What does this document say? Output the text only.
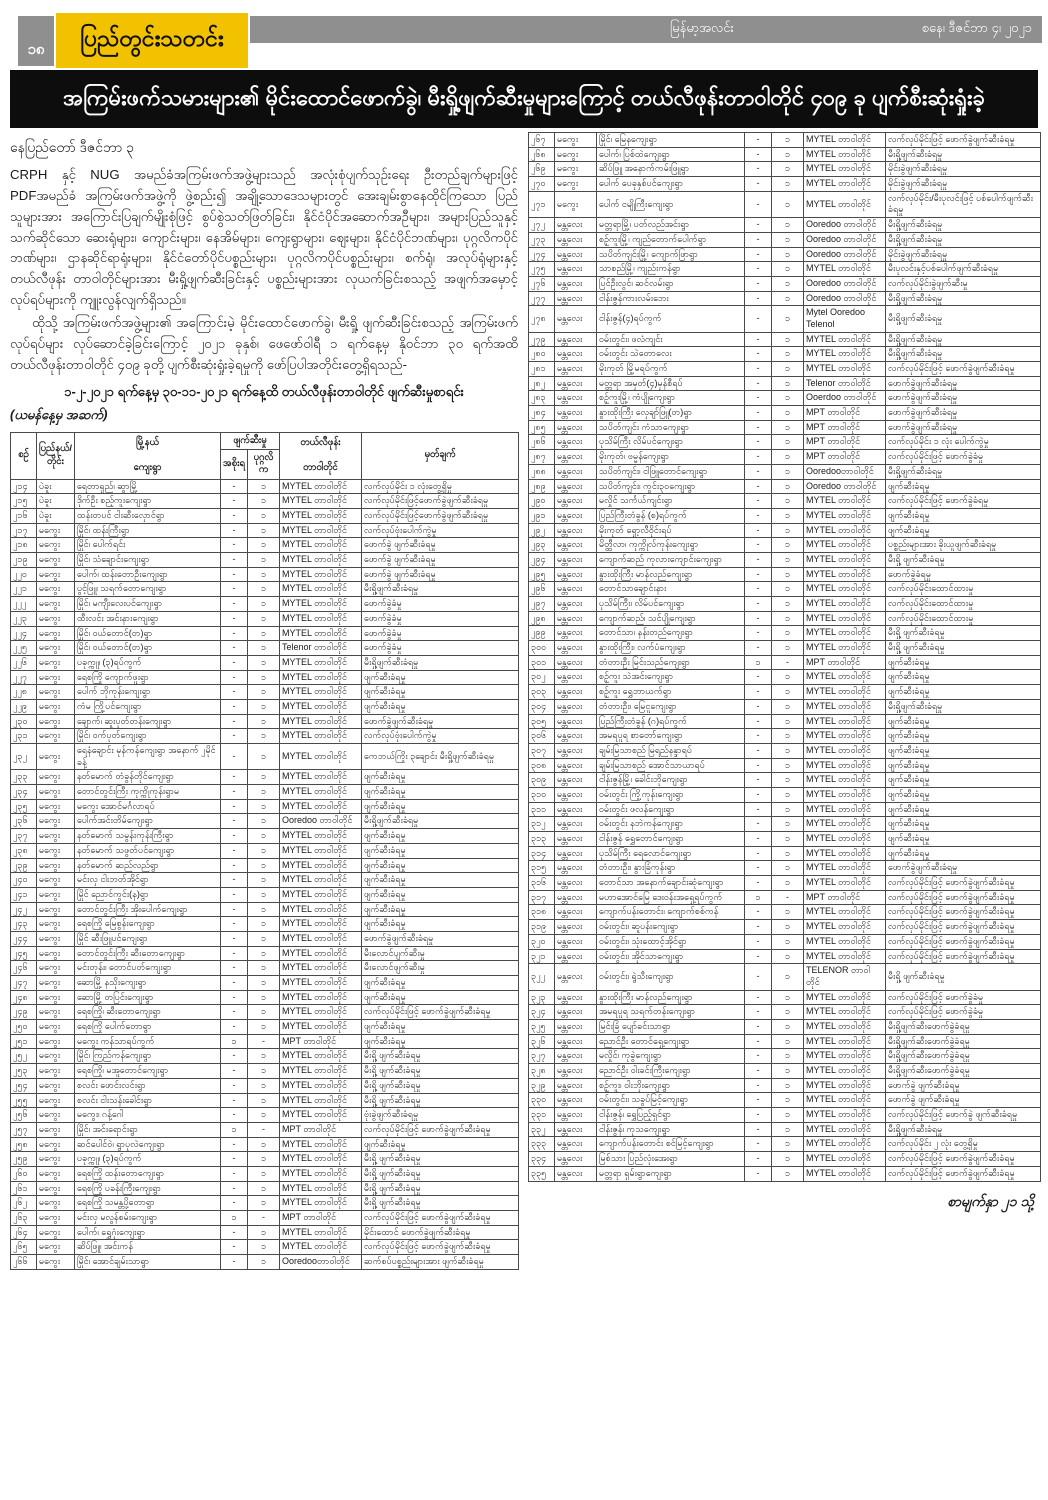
၁၈ ပြည်တွင်းသတင်း	မြန်မာ့အလင်း	စနေ၊ ဒီဇင်ဘာ ၄၊ ၂၀၂၁
အကြမ်းဖက်သမားများ၏ မိုင်းထောင်ဖောက်ခွဲ၊ မီးရှို့ဖျက်ဆီးမှုများကြောင့် တယ်လီဖုန်းတာဝါတိုင် ၄၀၉ ခု ပျက်စီးဆုံးရှုံးခဲ့

နေပြည်တော် ဒီဇင်ဘာ ၃

CRPH နှင့် NUG အမည်ခံအကြမ်းဖက်အဖွဲ့များသည် အလုံးစုံပျက်သုဉ်းရေး ဦးတည်ချက်များဖြင့် PDFအမည်ခံ အကြမ်းဖက်အဖွဲ့ကို ဖွဲ့စည်း၍ အချို့သောဒေသများတွင် အေးချမ်းစွာနေထိုင်ကြသော ပြည်သူများအား အကြောင်းပြချက်မျိုးစုံဖြင့် စွပ်စွဲသတ်ဖြတ်ခြင်း၊ နိုင်ငံပိုင်အဆောက်အဦများ၊ အများပြည်သူနှင့် သက်ဆိုင်သော ဆေးရုံများ၊ ကျောင်းများ၊ နေအိမ်များ၊ ကျေးရွာများ၊ စျေးများ၊ နိုင်ငံပိုင်ဘဏ်များ၊ ပုဂ္ဂလိကပိုင်ဘဏ်များ၊ ဌာနဆိုင်ရာရုံးများ၊ နိုင်ငံတော်ပိုင်ပစ္စည်းများ၊ ပုဂ္ဂလိကပိုင်ပစ္စည်းများ၊ စက်ရုံ၊ အလုပ်ရုံများနှင့် တယ်လီဖုန်း တာဝါတိုင်များအား မီးရှို့ဖျက်ဆီးခြင်းနှင့် ပစ္စည်းများအား လုယက်ခြင်းစသည့် အဖျက်အမှောင့်လုပ်ရပ်များကို ကျူးလွန်လျက်ရှိသည်။

ထိုသို့ အကြမ်းဖက်အဖွဲ့များ၏ အကြောင်းမဲ့ မိုင်းထောင်ဖောက်ခွဲ၊ မီးရှို့ ဖျက်ဆီးခြင်းစသည့် အကြမ်းဖက်လုပ်ရပ်များ လုပ်ဆောင်ခဲ့ခြင်းကြောင့် ၂၀၂၁ ခုနှစ်၊ ဖေဖော်ဝါရီ ၁ ရက်နေ့မှ နိုဝင်ဘာ ၃၀ ရက်အထိ တယ်လီဖုန်းတာဝါတိုင် ၄၀၉ ခုတို့ ပျက်စီးဆုံးရှုံးခဲ့ရမှုကို ဖော်ပြပါအတိုင်းတွေ့ရှိရသည်-

၁-၂-၂၀၂၁ ရက်နေ့မှ ၃၀-၁၁-၂၀၂၁ ရက်နေ့ထိ တယ်လီဖုန်းတာဝါတိုင် ဖျက်ဆီးမှုစာရင်း

(ယမန်နေ့မှ အဆက်)

စဉ်	ပြည်နယ်/
တိုင်း	မြို့နယ်

ကျေးရွာ	ဖျက်ဆီးမှု		တယ်လီဖုန်း

တာဝါတိုင်	မှတ်ချက်
			အစိုးရ	ပုဂ္ဂလိက		
၂၁၄	ပဲခူး	ရေတာရှည်၊ ဆွာမြို့	-	၁	MYTEL တာဝါတိုင်	လက်လုပ်မိုင်း ၁ လုံးတွေ့ရှိမှု
၂၁၅	ပဲခူး	ဒိုက်ဦး စည့်ကူးကျေးရွာ	-	၁	MYTEL တာဝါတိုင်	လက်လုပ်မိုင်းဖြင့်ဖောက်ခွဲဖျက်ဆီးခံရမှု
၂၁၆	ပဲခူး	ထန်းတပင် ငါးဆီးလှောင်ရွာ	-	၁	MYTEL တာဝါတိုင်	လက်လုပ်မိုင်းဖြင့်ဖောက်ခွဲဖျက်ဆီးခံရမှု
၂၁၇	မကွေး	မြိုင်၊ ထန်းကြီးရွာ	-	၁	MYTEL တာဝါတိုင်	လက်လုပ်ဗုံးပေါက်ကွဲမှု
၂၁၈	မကွေး	မြိုင်၊ ပေါက်ရင်း	-	၁	MYTEL တာဝါတိုင်	ဖောက်ခွဲ ဖျက်ဆီးခံရမှု
၂၁၉	မကွေး	မြိုင်၊ သံချောင်းကျေးရွာ	-	၁	MYTEL တာဝါတိုင်	ဖောက်ခွဲ ဖျက်ဆီးခံရမှု
၂၂၀	မကွေး	ပေါက်၊ ထန်းတောဦးကျေးရွာ	-	၁	MYTEL တာဝါတိုင်	ဖောက်ခွဲ ဖျက်ဆီးခံရမှု
၂၂၁	မကွေး	ပွင့်ဖြူ၊ သရက်တောကျေးရွာ	-	၁	MYTEL တာဝါတိုင်	မီးရှို့ဖျက်ဆီးခံရမှု
၂၂၂	မကွေး	မြိုင်၊ မကျီးလေးပင်ကျေးရွာ	-	၁	MYTEL တာဝါတိုင်	ဖောက်ခွဲခံမှု
၂၂၃	မကွေး	ထီးလင်း အင်းနားကျေးရွာ	-	၁	MYTEL တာဝါတိုင်	ဖောက်ခွဲခံမှု
၂၂၄	မကွေး	မြိုင်၊ ဝယ်တောင်(တ)ရွာ	-	၁	MYTEL တာဝါတိုင်	ဖောက်ခွဲခံမှု
၂၂၅	မကွေး	မြိုင်၊ ဝယ်တောင်(တ)ရွာ	-	၁	Telenor တာဝါတိုင်	ဖောက်ခွဲခံမှု
၂၂၆	မကွေး	ပခုက္ကူ၊ (၃)ရပ်ကွက်	-	၁	MYTEL တာဝါတိုင်	မီးရှို့ဖျက်ဆီးခံရမှု
၂၂၇	မကွေး	ရေစကြို ကျောက်ဖူးရွာ	-	၁	MYTEL တာဝါတိုင်	ဖျက်ဆီးခံရမှု
၂၂၈	မကွေး	ပေါက် ဘိုကုန်းကျေးရွာ	-	၁	MYTEL တာဝါတိုင်	ဖျက်ဆီးခံရမှု
၂၂၉	မကွေး	ကံမ ကြို့ပင်ကျေးရွာ	-	၁	MYTEL တာဝါတိုင်	ဖျက်ဆီးခံရမှု
၂၃၀	မကွေး	ချောက်၊ ဆူးပုတ်တန်းကျေးရွာ	-	၁	MYTEL တာဝါတိုင်	ဖောက်ခွဲဖျက်ဆီးခံရမှု
၂၃၁	မကွေး	မြိုင်၊ ဝက်ပုတ်ကျေးရွာ	-	၁	MYTEL တာဝါတိုင်	လက်လုပ်ဗုံးပေါက်ကွဲမှု
၂၃၂	မကွေး	ရေနံချောင်း မုန်ကန်ကျေးရွာ အနောက် ၂မိုင်ခန့်	-	၁	MYTEL တာဝါတိုင်	ကေဘယ်ကြိုး ၃ချောင်း မီးရှို့ဖျက်ဆီးခံရမှု
၂၃၃	မကွေး	နတ်မောက် တံခွန်တိုင်ကျေးရွာ	-	၁	MYTEL တာဝါတိုင်	ဖျက်ဆီးခံရမှု
၂၃၄	မကွေး	တောင်တွင်းကြီး ကုက္ကိုကုန်းရွာမ	-	၁	MYTEL တာဝါတိုင်	ဖျက်ဆီးခံရမှု
၂၃၅	မကွေး	မကွေး အောင်မင်္ဂလာရပ်	-	၁	MYTEL တာဝါတိုင်	ဖျက်ဆီးခံရမှု
၂၃၆	မကွေး	ပေါက်အင်းတိမ်ကျေးရွာ	-	၁	Ooredoo တာဝါတိုင်	မီးရှို့ဖျက်ဆီးခံရမှု
၂၃၇	မကွေး	နတ်မောက် သမွန်းကုန်းကြီးရွာ	-	၁	MYTEL တာဝါတိုင်	ဖျက်ဆီးခံရမှု
၂၃၈	မကွေး	နတ်မောက် သဖွတ်ပင်ကျေးရွာ	-	၁	MYTEL တာဝါတိုင်	ဖျက်ဆီးခံရမှု
၂၃၉	မကွေး	နတ်မောက် ဆည်လည်ရွာ	-	၁	MYTEL တာဝါတိုင်	ဖျက်ဆီးခံရမှု
၂၄၀	မကွေး	မင်းလှ ငါးဘတ်အိုင်ရွာ	-	၁	MYTEL တာဝါတိုင်	ဖျက်ဆီးခံရမှု
၂၄၁	မကွေး	မြိုင် ညောင်ကွင်း(န)ရွာ	-	၁	MYTEL တာဝါတိုင်	ဖျက်ဆီးခံရမှု
၂၄၂	မကွေး	တောင်တွင်းကြီး အိုးပေါက်ကျေးရွာ	-	၁	MYTEL တာဝါတိုင်	ဖျက်ဆီးခံရမှု
၂၄၃	မကွေး	ရေစကြို မြေစွန်းကျေးရွာ	-	၁	MYTEL တာဝါတိုင်	ဖျက်ဆီးခံရမှု
၂၄၄	မကွေး	မြိုင် ဆီးဖြူပင်ကျေးရွာ	-	၁	MYTEL တာဝါတိုင်	ဖောက်ခွဲဖျက်ဆီးခံရမှု
၂၄၅	မကွေး	တောင်တွင်းကြီး ဆီးတောကျေးရွာ	-	၁	MYTEL တာဝါတိုင်	မီးလောင်ပျက်ဆီးမှု
၂၄၆	မကွေး	မင်းတုန်း၊ တောင်ပတ်ကျေးရွာ	-	၁	MYTEL တာဝါတိုင်	မီးလောင်ဖျက်ဆီးမှု
၂၄၇	မကွေး	ဆောမြို့ နသိုးကျေးရွာ	-	၁	MYTEL တာဝါတိုင်	ဖျက်ဆီးခံရမှု
၂၄၈	မကွေး	ဆောမြို့ တပြင်းကျေးရွာ	-	၁	MYTEL တာဝါတိုင်	ဖျက်ဆီးခံရမှု
၂၄၉	မကွေး	ရေစကြို၊ ဆီးတောကျေးရွာ	-	၁	MYTEL တာဝါတိုင်	လက်လုပ်မိုင်းဖြင့် ဖောက်ခွဲဖျက်ဆီးခံရမှု
၂၅၀	မကွေး	ရေစကြို ပေါက်တောရွာ	-	၁	MYTEL တာဝါတိုင်	ဖျက်ဆီးခံရမှု
၂၅၁	မကွေး	မကွေး ကန်သာရပ်ကွက်	၁	-	MPT တာဝါတိုင်	ဖျက်ဆီးခံရမှု
၂၅၂	မကွေး	မြိုင်၊ ကြည်ကန်ကျေးရွာ	-	၁	MYTEL တာဝါတိုင်	မီးရှို့ ဖျက်ဆီးခံရမှု
၂၅၃	မကွေး	ရေစကြို၊ မအူတောင်ကျေးရွာ	-	၁	MYTEL တာဝါတိုင်	မီးရှို့ ဖျက်ဆီးခံရမှု
၂၅၄	မကွေး	စလင်း ဖောင်းလင်းရွာ	-	၁	MYTEL တာဝါတိုင်	မီးရှို့ ဖျက်ဆီးခံရမှု
၂၅၅	မကွေး	စလင်း ငါးသန်းခေါင်းရွာ	-	၁	MYTEL တာဝါတိုင်	မီးရှို့ ဖျက်ဆီးခံရမှု
၂၅၆	မကွေး	မကွေး၊ ဂန့်ဂေါ	-	၁	MYTEL တာဝါတိုင်	ဗုံးခွဲဖျက်ဆီးခံရမှု
၂၅၇	မကွေး	မြိုင်၊ အင်းရောင်းရွာ	၁	-	MPT တာဝါတိုင်	လက်လုပ်မိုင်းဖြင့် ဖောက်ခွဲဖျက်ဆီးခံရမှု
၂၅၈	မကွေး	ဆင်ပေါင်ဝဲ၊ ရွာပုလဲကျေးရွာ	-	၁	MYTEL တာဝါတိုင်	ဖျက်ဆီးခံရမှု
၂၅၉	မကွေး	ပခုက္ကူ၊ (၃)ရပ်ကွက်	-	၁	MYTEL တာဝါတိုင်	မီးရှို့ ဖျက်ဆီးခံရမှု
၂၆၀	မကွေး	ရေစကြို ထန်းတောကျေးရွာ	-	၁	MYTEL တာဝါတိုင်	မီးရှို့ ဖျက်ဆီးခံရမှု
၂၆၁	မကွေး	ရေစကြို ပခန်းကြီးကျေးရွာ	-	၁	MYTEL တာဝါတိုင်	မီးရှို့ ဖျက်ဆီးခံရမှု
၂၆၂	မကွေး	ရေစကြို သမန္တပို့တောရွာ	-	၁	MYTEL တာဝါတိုင်	မီးရှို့ ဖျက်ဆီးခံရမှု
၂၆၃	မကွေး	မင်းလှ မလွန်စမ်းကျေးရွာ	၁	-	MPT တာဝါတိုင်	လက်လုပ်မိုင်းဖြင့် ဖောက်ခွဲဖျက်ဆီးခံရမှု
၂၆၄	မကွေး	ပေါက်၊ ရွှေဂုံးကျေးရွာ	-	၁	MYTEL တာဝါတိုင်	မိုင်းထောင် ဖောက်ခွဲဖျက်ဆီးခံရမှု
၂၆၅	မကွေး	ဆိပ်ဖြူ၊ အင်းကန်	-	၁	MYTEL တာဝါတိုင်	လက်လုပ်မိုင်းဖြင့် ဖောက်ခွဲဖျက်ဆီးခံရမှု
၂၆၆	မကွေး	မြိုင်၊ အောင်ချမ်းသာရွာ	-	၁	Ooredooတာဝါတိုင်	ဆက်စပ်ပစ္စည်းများအား ဖျက်ဆီးခံရမှု
၂၆၇	မကွေး	မြိုင်၊ မြေနကျေးရွာ	-	၁	MYTEL တာဝါတိုင်	လက်လုပ်မိုင်းဖြင့် ဖောက်ခွဲဖျက်ဆီးခံရမှု
၂၆၈	မကွေး	ပေါက်၊ ပြစ်ထဲကျေးရွာ	-	၁	MYTEL တာဝါတိုင်	မီးရှို့ဖျက်ဆီးခံရမှု
၂၆၉	မကွေး	ဆိပ်ဖြူ အနောက်ကမ်းဖြူရွာ	-	၁	MYTEL တာဝါတိုင်	မိုင်းခွဲဖျက်ဆီးခံရမှု
၂၇၀	မကွေး	ပေါက် ပေခုနှစ်ပင်ကျေးရွာ	-	၁	MYTEL တာဝါတိုင်	မိုင်းခွဲဖျက်ဆီးခံရမှု
၂၇၁	မကွေး	ပေါက် ငမျိုကြီးကျေးရွာ	-	၁	MYTEL တာဝါတိုင်	လက်လုပ်မိုင်း/မီးပုလင်းဖြင့် ပစ်ပေါက်ဖျက်ဆီးခံရမှု
၂၇၂	မန္တလေး	မတ္တရာမြို့၊ ပတ်လည်အင်းရွာ	-	၁	Ooredoo တာဝါတိုင်	မီးရှို့ဖျက်ဆီးခံရမှု
၂၇၃	မန္တလေး	စဉ့်ကူးမြို့၊ ကျည်တောက်ပေါက်ရွာ	-	၁	Ooredoo တာဝါတိုင်	မီးရှို့ဖျက်ဆီးခံရမှု
၂၇၄	မန္တလေး	သပိတ်ကျင်းမြို့၊ ကျောက်ဖြာရွာ	-	၁	Ooredoo တာဝါတိုင်	မိုင်းခွဲဖျက်ဆီးခံရမှု
၂၇၅	မန္တလေး	သာစည်မြို့၊ ကျည်းကန်ရွာ	-	၁	MYTEL တာဝါတိုင်	မီးပုလင်းနှင့်ပစ်ပေါက်ဖျက်ဆီးခံရမှု
၂၇၆	မန္တလေး	ပြင်ဦးလွင်၊ ဆင်လမ်းရွာ	-	၁	Ooredoo တာဝါတိုင်	လက်လုပ်မိုင်းခွဲဖျက်ဆီးမှု
၂၇၇	မန္တလေး	ငါန်းဇွန်ကားလမ်းဘေး	-	၁	Ooredoo တာဝါတိုင်	မီးရှို့ဖျက်ဆီးခံရမှု
၂၇၈	မန္တလေး	ငါန်းဇွန်(၄)ရပ်ကွက်	-	၁	Mytel Ooredoo Telenol	မီးရှို့ဖျက်ဆီးခံရမှု
၂၇၉	မန္တလေး	ဝမ်းတွင်း၊ ဖလံကျင်း	-	၁	MYTEL တာဝါတိုင်	မီးရှို့ဖျက်ဆီးခံရမှု
၂၈၀	မန္တလေး	ဝမ်းတွင်း သဲတောလေး	-	၁	MYTEL တာဝါတိုင်	မီးရှို့ဖျက်ဆီးခံရမှု
၂၈၁	မန္တလေး	မိုးကုတ် မြို့မရပ်ကွက်	-	၁	MYTEL တာဝါတိုင်	လက်လုပ်မိုင်းဖြင့် ဖောက်ခွဲဖျက်ဆီးခံရမှု
၂၈၂	မန္တလေး	မတ္တရာ အမှတ်(၄)မှန်စီရပ်	-	၁	Telenor တာဝါတိုင်	ဖောက်ခွဲဖျက်ဆီးခံရမှု
၂၈၃	မန္တလေး	စဉ့်ကူးမြို့၊ ကံပျိုကျေးရွာ	-	၁	Ooerdoo တာဝါတိုင်	ဖောက်ခွဲဖျက်ဆီးခံရမှု
၂၈၄	မန္တလေး	နွားထိုးကြီး လှေချာ်ဖြူ(တ)ရွာ	-	၁	MPT တာဝါတိုင်	ဖောက်ခွဲဖျက်ဆီးခံရမှု
၂၈၅	မန္တလေး	သပိတ်ကျင်း ကံသာကျေးရွာ	-	၁	MPT တာဝါတိုင်	ဖောက်ခွဲဖျက်ဆီးခံရမှု
၂၈၆	မန္တလေး	ပုသိမ်ကြီး လိမ်ပင်ကျေးရွာ	-	၁	MPT တာဝါတိုင်	လက်လုပ်မိုင်း ၁ လုံး ပေါက်ကွဲမှု
၂၈၇	မန္တလေး	မိုးကုတ်၊ ဗမ္မန်ကျေးရွာ	-	၁	MPT တာဝါတိုင်	လက်လုပ်မိုင်းဖြင့် ဖောက်ခွဲခံမှု
၂၈၈	မန္တလေး	သပိတ်ကျင်း၊ ငါဖြူတောင်ကျေးရွာ	-	၁	Ooredooတာဝါတိုင်	မီးရှို့ဖျက်ဆီးခံရမှု
၂၈၉	မန္တလေး	သပိတ်ကျင်း၊ ကွင်း၃ဝကျေးရွာ	-	၁	Ooredoo တာဝါတိုင်	ဖျက်ဆီးခံရမှု
၂၉၀	မန္တလေး	မလှိုင် သင်္ကယ်ကျင်းရွာ	-	၁	MYTEL တာဝါတိုင်	လက်လုပ်မိုင်းဖြင့် ဖောက်ခွဲခံရမှု
၂၉၁	မန္တလေး	ပြည်ကြီးတံခွန် (စ)ရပ်ကွက်	-	၁	MYTEL တာဝါတိုင်	ဖျက်ဆီးခံရမှု
၂၉၂	မန္တလေး	မိုးကုတ် ရှော့လီဝိုင်းရပ်	-	၁	MYTEL တာဝါတိုင်	ဖျက်ဆီးခံရမှု
၂၉၃	မန္တလေး	မိတ္ထီလာ၊ ကုက္ကိုလ်ကုန်းကျေးရွာ	-	၁	MYTEL တာဝါတိုင်	ပစ္စည်းများအား ခိုးယူဖျက်ဆီးခံရမှု
၂၉၄	မန္တလေး	ကျောက်ဆည် ကုလားကျောင်းကျေးရွာ	-	၁	MYTEL တာဝါတိုင်	မီးရှို့ ဖျက်ဆီးခံရမှု
၂၉၅	မန္တလေး	နွားထိုးကြီး မာန်လည်ကျေးရွာ	-	၁	MYTEL တာဝါတိုင်	ဖောက်ခွဲခံရမှု
၂၉၆	မန္တလေး	တောင်သာချောင်းနား	-	၁	MYTEL တာဝါတိုင်	လက်လုပ်မိုင်းထောင်ထားမှု
၂၉၇	မန္တလေး	ပုသိမ်ကြီး၊ လိမ်ပင်ကျေးရွာ	-	၁	MYTEL တာဝါတိုင်	လက်လုပ်မိုင်းထောင်ထားမှု
၂၉၈	မန္တလေး	ကျောက်ဆည်၊ သင်ပျိုကျေးရွာ	-	၁	MYTEL တာဝါတိုင်	လက်လုပ်မိုင်းထောင်ထားမှု
၂၉၉	မန္တလေး	တောင်သာ၊ နန်းတည်ကျေးရွာ	-	၁	MYTEL တာဝါတိုင်	မီးရှို့ ဖျက်ဆီးခံရမှု
၃၀၀	မန္တလေး	နွားထိုးကြီး၊ လက်ပံကျေးရွာ	-	၁	MYTEL တာဝါတိုင်	မီးရှို့ ဖျက်ဆီးခံရမှု
၃၀၁	မန္တလေး	တံတားဦး မြင်းသည်ကျေးရွာ	၁	-	MPT တာဝါတိုင်	ဖျက်ဆီးခံရမှု
၃၀၂	မန္တလေး	စဉ့်ကူး သဲအင်းကျေးရွာ	-	၁	MYTEL တာဝါတိုင်	ဖျက်ဆီးခံရမှု
၃၀၃	မန္တလေး	စဉ့်ကူး ရွှေဘာယက်ရွာ	-	၁	MYTEL တာဝါတိုင်	ဖျက်ဆီးခံရမှု
၃၀၄	မန္တလေး	တံတားဦး၊ မြေငူကျေးရွာ	-	၁	MYTEL တာဝါတိုင်	မီးရှို့ဖျက်ဆီးခံရမှု
၃၀၅	မန္တလေး	ပြည်ကြီးတံခွန် (ဂ)ရပ်ကွက်	-	၁	MYTEL တာဝါတိုင်	ဖျက်ဆီးခံရမှု
၃၀၆	မန္တလေး	အမရပူရ စာတော်ကျေးရွာ	-	၁	MYTEL တာဝါတိုင်	ဖျက်ဆီးခံရမှု
၃၀၇	မန္တလေး	ချမ်းမြသာစည် မြရည်နန္ဒာရပ်	-	၁	MYTEL တာဝါတိုင်	ဖျက်ဆီးခံရမှု
၃၀၈	မန္တလေး	ချမ်းမြသာစည် အောင်သာယာရပ်	-	၁	MYTEL တာဝါတိုင်	ဖျက်ဆီးခံရမှု
၃၀၉	မန္တလေး	ငါန်းဇွန်မြို့၊ ခေါင်းဘိုကျေးရွာ	-	၁	MYTEL တာဝါတိုင်	ဖျက်ဆီးခံရမှု
၃၁၀	မန္တလေး	ဝမ်းတွင်း ကြို့ကုန်းကျေးရွာ	-	၁	MYTEL တာဝါတိုင်	ဖျက်ဆီးခံရမှု
၃၁၁	မန္တလေး	ဝမ်းတွင်း ဖလန်ကျေးရွာ	-	၁	MYTEL တာဝါတိုင်	ဖျက်ဆီးခံရမှု
၃၁၂	မန္တလေး	ဝမ်းတွင်း နဘဲကန်ကျေးရွာ	-	၁	MYTEL တာဝါတိုင်	ဖျက်ဆီးခံရမှု
၃၁၃	မန္တလေး	ငါန်းဇွန် ရွှေတောင်ကျေးရွာ	-	၁	MYTEL တာဝါတိုင်	ဖျက်ဆီးခံရမှု
၃၁၄	မန္တလေး	ပုသိမ်ကြီး ရေလောင်ကျေးရွာ	-	၁	MYTEL တာဝါတိုင်	ဖျက်ဆီးခံရမှု
၃၁၅	မန္တလေး	တံတားဦး၊ နွားခြံကုန်းရွာ	-	၁	MYTEL တာဝါတိုင်	ဖောက်ခွဲဖျက်ဆီးခံရမှု
၃၁၆	မန္တလေး	တောင်သာ အနောက်ချောင်းဆုံကျေးရွာ	-	၁	MYTEL တာဝါတိုင်	လက်လုပ်မိုင်းဖြင့် ဖောက်ခွဲဖျက်ဆီးခံရမှု
၃၁၇	မန္တလေး	မဟာအောင်မြေ ဒေးဝန်းအရှေ့ရပ်ကွက်	၁	-	MPT တာဝါတိုင်	လက်လုပ်မိုင်းဖြင့် ဖောက်ခွဲဖျက်ဆီးခံရမှု
၃၁၈	မန္တလေး	ကျောက်ပန်းတောင်း၊ ကျောက်စစ်ကန်	-	၁	MYTEL တာဝါတိုင်	လက်လုပ်မိုင်းဖြင့် ဖောက်ခွဲဖျက်ဆီးခံရမှု
၃၁၉	မန္တလေး	ဝမ်းတွင်း၊ ဆူပန်းကျေးရွာ	-	၁	MYTEL တာဝါတိုင်	လက်လုပ်မိုင်းဖြင့် ဖောက်ခွဲဖျက်ဆီးခံရမှု
၃၂၀	မန္တလေး	ဝမ်းတွင်း၊ သုံးထောင့်အိုင်ရွာ	-	၁	MYTEL တာဝါတိုင်	လက်လုပ်မိုင်းဖြင့် ဖောက်ခွဲဖျက်ဆီးခံရမှု
၃၂၁	မန္တလေး	ဝမ်းတွင်း၊ အိုင်သာကျေးရွာ	-	၁	MYTEL တာဝါတိုင်	လက်လုပ်မိုင်းဖြင့် ဖောက်ခွဲဖျက်ဆီးခံရမှု
၃၂၂	မန္တလေး	ဝမ်းတွင်း၊ ရွဲသီးကျေးရွာ	-	၁	TELENOR တာဝါတိုင်	မီးရှို့ ဖျက်ဆီးခံရမှု
၃၂၃	မန္တလေး	နွားထိုးကြီး မာန်လည်ကျေးရွာ	-	၁	MYTEL တာဝါတိုင်	လက်လုပ်မိုင်းဖြင့် ဖောက်ခွဲခံမှု
၃၂၄	မန္တလေး	အမရပူရ သရက်တန်းကျေးရွာ	-	၁	MYTEL တာဝါတိုင်	လက်လုပ်မိုင်းဖြင့် ဖောက်ခွဲခံမှု
၃၂၅	မန္တလေး	မြင်းခြံ ပျော်ခင်းသာရွာ	-	၁	MYTEL တာဝါတိုင်	မီးရှို့ဖျက်ဆီးဖောက်ခွဲခံရမှု
၃၂၆	မန္တလေး	ညောင်ဦး တောင်ရှေ့ကျေးရွာ	-	၁	MYTEL တာဝါတိုင်	မီးရှို့ဖျက်ဆီးဖောက်ခွဲခံရမှု
၃၂၇	မန္တလေး	မလှိုင်၊ ကုခွဲကျေးရွာ	-	၁	MYTEL တာဝါတိုင်	မီးရှို့ဖျက်ဆီးဖောက်ခွဲခံရမှု
၃၂၈	မန္တလေး	ညောင်ဦး ဝါးခင်းကြီးကျေးရွာ	-	၁	MYTEL တာဝါတိုင်	မီးရှို့ဖျက်ဆီးဖောက်ခွဲခံရမှု
၃၂၉	မန္တလေး	စဉ့်ကူး၊ ဝါးဘိုးကျေးရွာ	-	၁	MYTEL တာဝါတိုင်	ဖောက်ခွဲ ဖျက်ဆီးခံရမှု
၃၃၀	မန္တလေး	ဝမ်းတွင်း၊ သခွပ်မြင့်ကျေးရွာ	-	၁	MYTEL တာဝါတိုင်	ဖောက်ခွဲ ဖျက်ဆီးခံရမှု
၃၃၁	မန္တလေး	ငါန်းဇွန်၊ ရွှေပြည့်ရှင်ရွာ	-	၁	MYTEL တာဝါတိုင်	လက်လုပ်မိုင်းဖြင့် ဖောက်ခွဲ ဖျက်ဆီးခံရမှု
၃၃၂	မန္တလေး	ငါန်းဇွန်၊ ကုသကျေးရွာ	-	၁	MYTEL တာဝါတိုင်	မီးရှို့ဖျက်ဆီးခံရမှု
၃၃၃	မန္တလေး	ကျောက်ပန်းတောင်း စင်မြင့်ကျေးရွာ	-	၁	MYTEL တာဝါတိုင်	လက်လုပ်မိုင်း ၂ လုံး တွေ့ရှိမှု
၃၃၄	မန္တလေး	မြစ်သား ပြည်လုံးအေးရွာ	-	၁	MYTEL တာဝါတိုင်	လက်လုပ်မိုင်းဖြင့် ဖောက်ခွဲဖျက်ဆီးခံရမှု
၃၃၅	မန္တလေး	မတ္တရာ ရှမ်းရွာကျေးရွာ	-	၁	MYTEL တာဝါတိုင်	လက်လုပ်မိုင်းဖြင့် ဖောက်ခွဲဖျက်ဆီးခံရမှု
စာမျက်နှာ ၂၁ သို့
